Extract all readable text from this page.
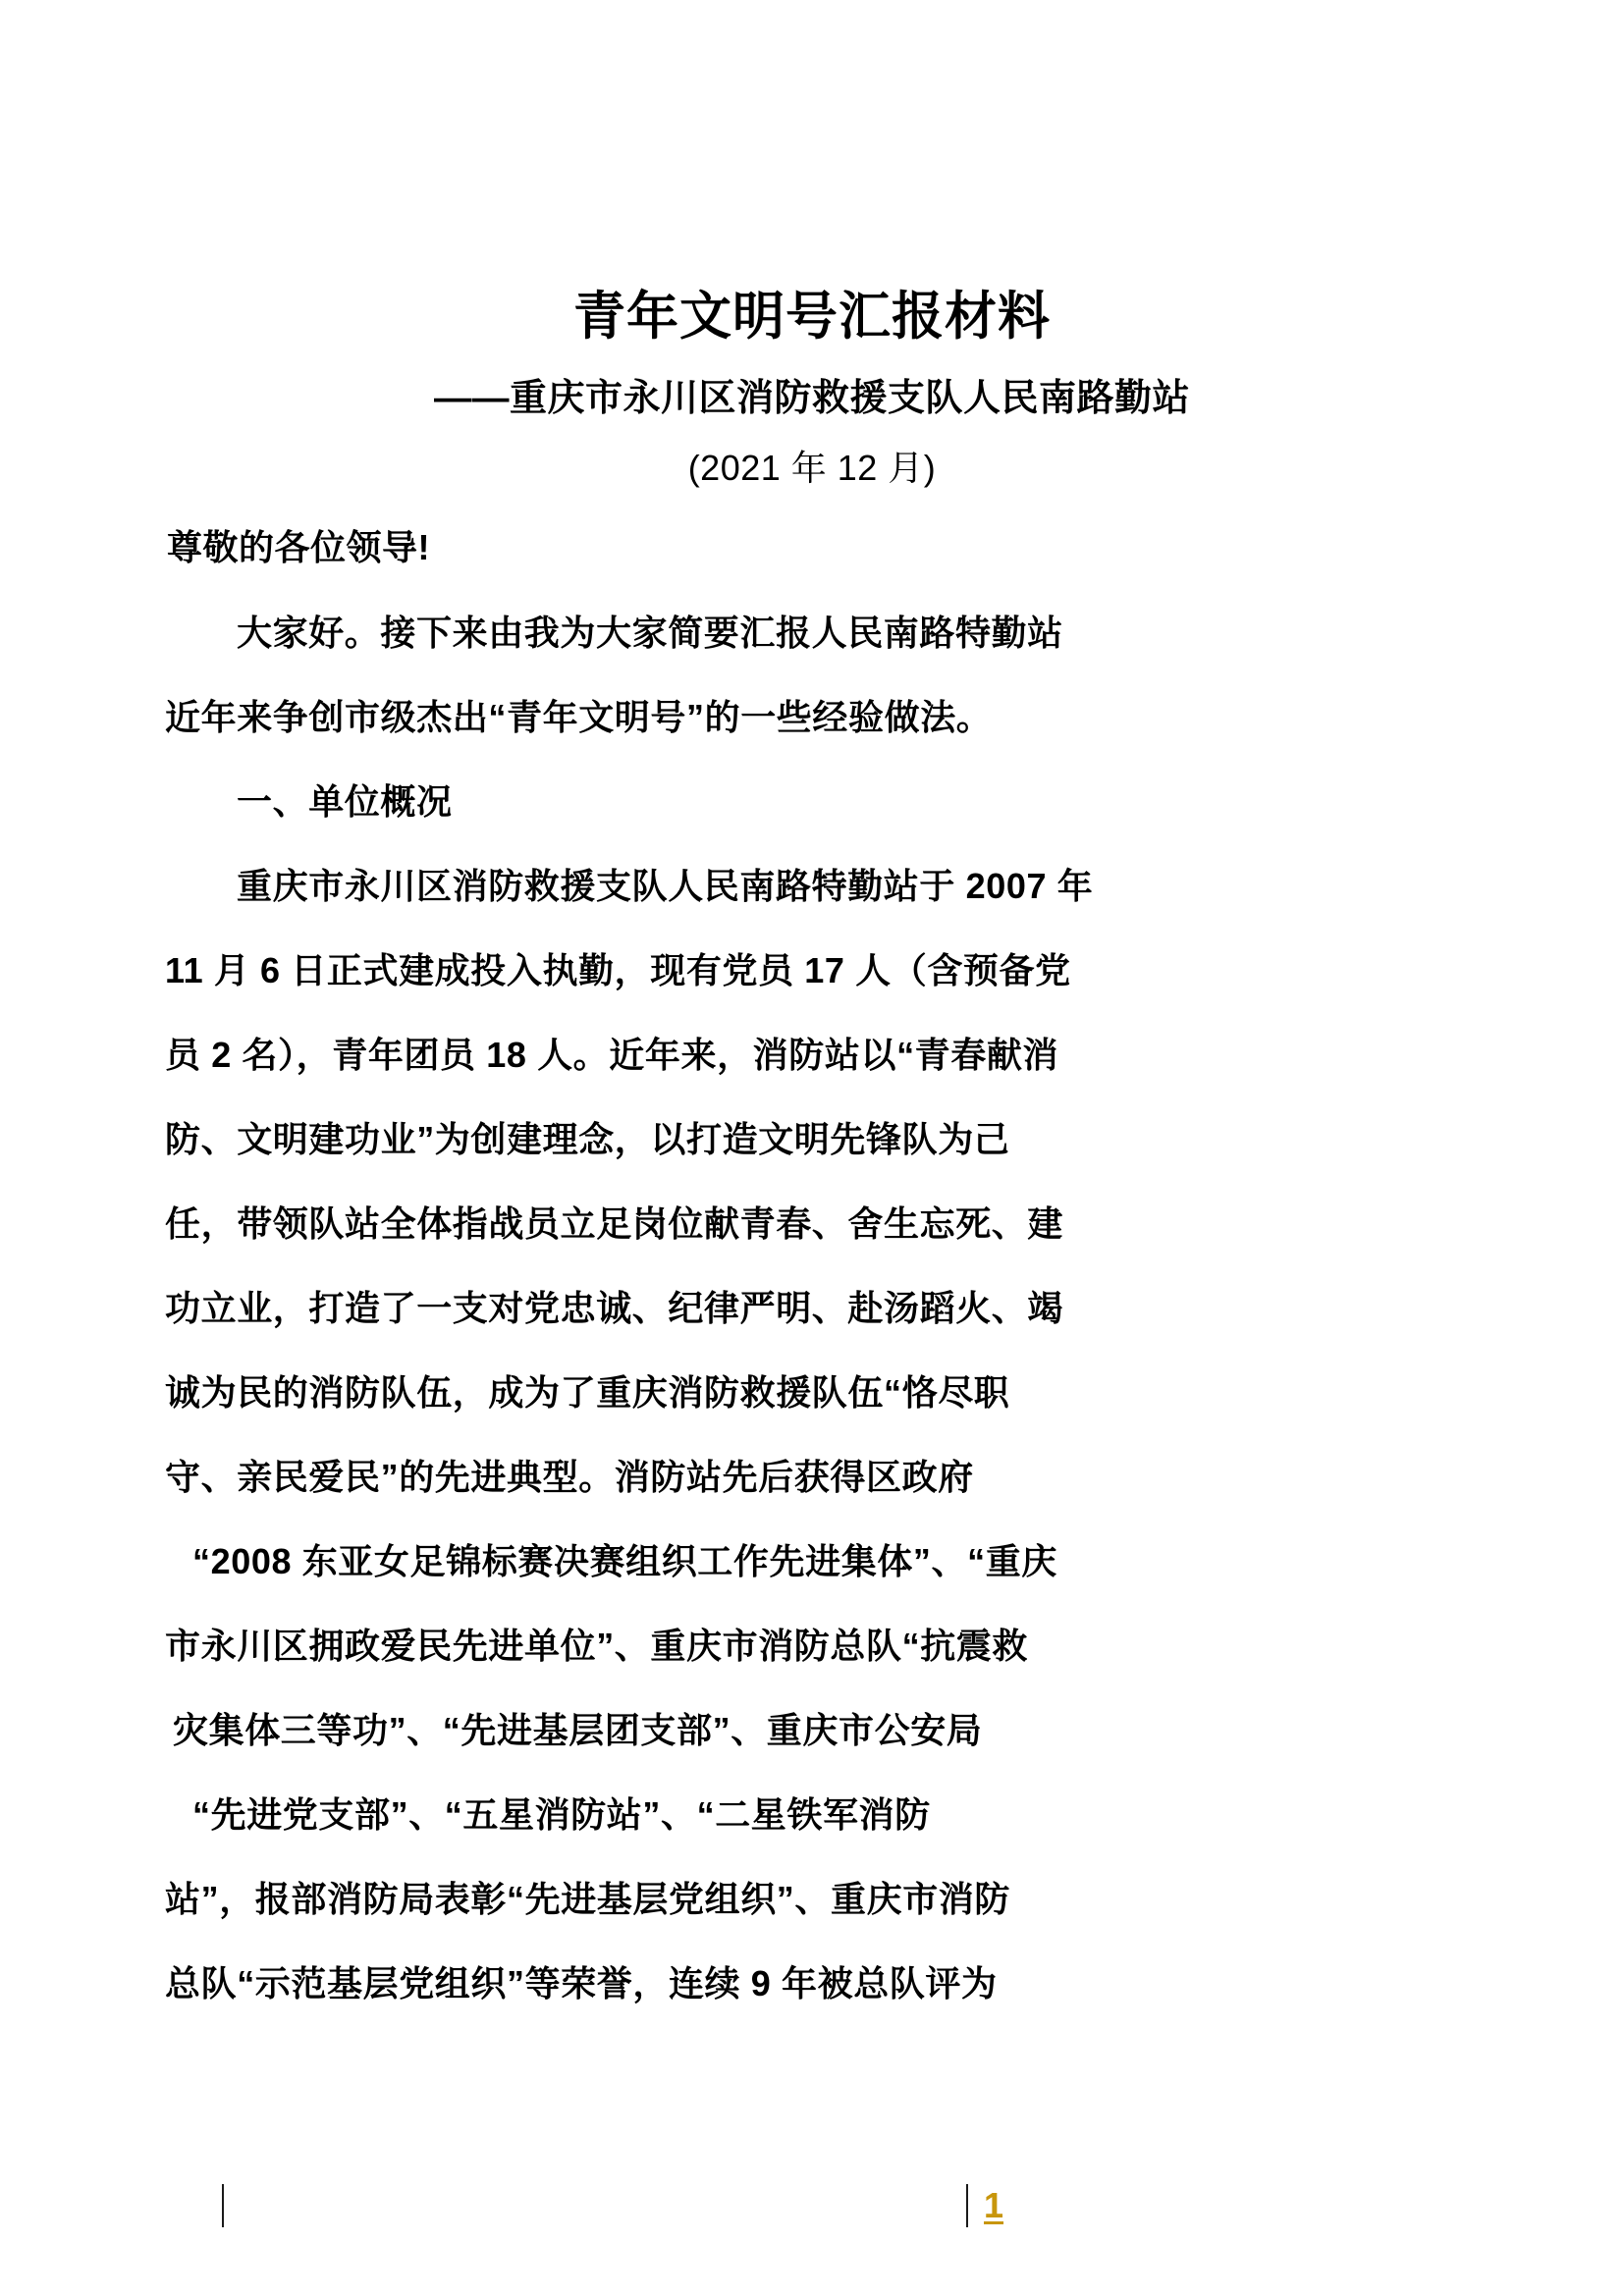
青年文明号汇报材料
——重庆市永川区消防救援支队人民南路勤站
(2021 年 12 月)
尊敬的各位领导!
大家好。接下来由我为大家简要汇报人民南路特勤站
近年来争创市级杰出“青年文明号”的一些经验做法。
一、单位概况
重庆市永川区消防救援支队人民南路特勤站于 2007 年
11 月 6 日正式建成投入执勤，现有党员 17 人（含预备党
员 2 名），青年团员 18 人。近年来，消防站以“青春献消
防、文明建功业”为创建理念，以打造文明先锋队为己
任，带领队站全体指战员立足岗位献青春、舍生忘死、建
功立业，打造了一支对党忠诚、纪律严明、赴汤蹈火、竭
诚为民的消防队伍，成为了重庆消防救援队伍“恪尽职
守、亲民爱民”的先进典型。消防站先后获得区政府
“2008 东亚女足锦标赛决赛组织工作先进集体”、“重庆
市永川区拥政爱民先进单位”、重庆市消防总队“抗震救
灾集体三等功”、“先进基层团支部”、重庆市公安局
“先进党支部”、“五星消防站”、“二星铁军消防
站”，报部消防局表彰“先进基层党组织”、重庆市消防
总队“示范基层党组织”等荣誉，连续 9 年被总队评为
1
